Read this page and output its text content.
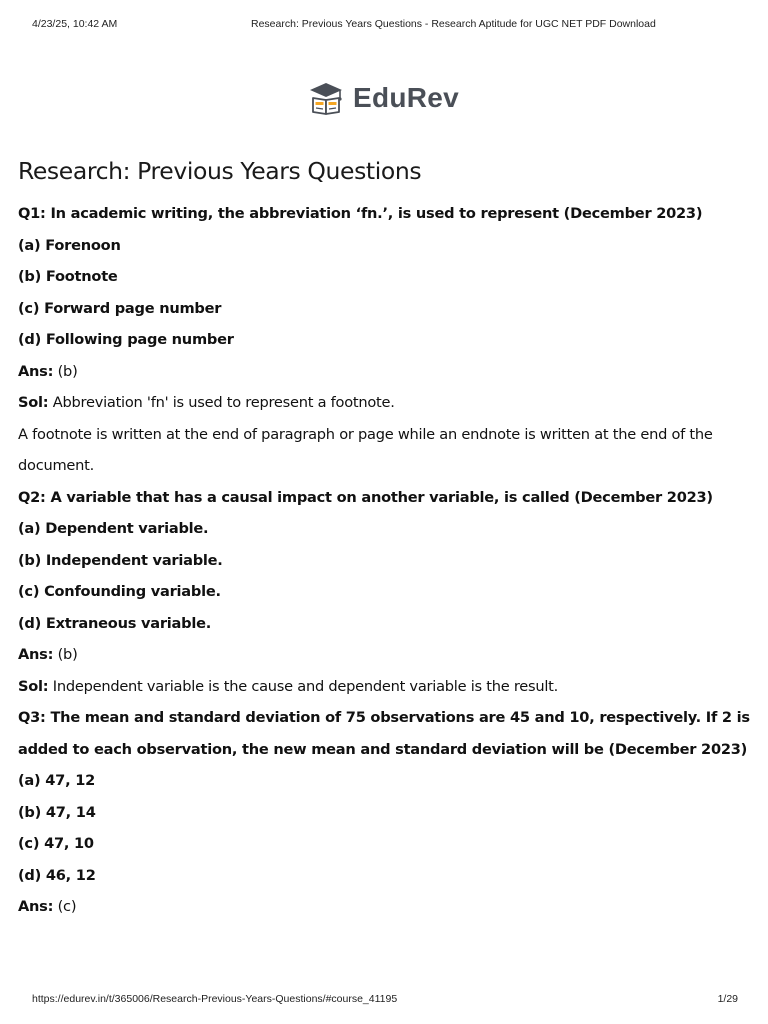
4/23/25, 10:42 AM	Research: Previous Years Questions - Research Aptitude for UGC NET PDF Download
EduRev
Research: Previous Years Questions
Q1: In academic writing, the abbreviation ‘fn.’, is used to represent (December 2023)
(a) Forenoon
(b) Footnote
(c) Forward page number
(d) Following page number
Ans: (b)
Sol: Abbreviation 'fn' is used to represent a footnote.
A footnote is written at the end of paragraph or page while an endnote is written at the end of the document.
Q2: A variable that has a causal impact on another variable, is called (December 2023)
(a) Dependent variable.
(b) Independent variable.
(c) Confounding variable.
(d) Extraneous variable.
Ans: (b)
Sol: Independent variable is the cause and dependent variable is the result.
Q3: The mean and standard deviation of 75 observations are 45 and 10, respectively. If 2 is
added to each observation, the new mean and standard deviation will be (December 2023)
(a) 47, 12
(b) 47, 14
(c) 47, 10
(d) 46, 12
Ans: (c)
https://edurev.in/t/365006/Research-Previous-Years-Questions/#course_41195	1/29
